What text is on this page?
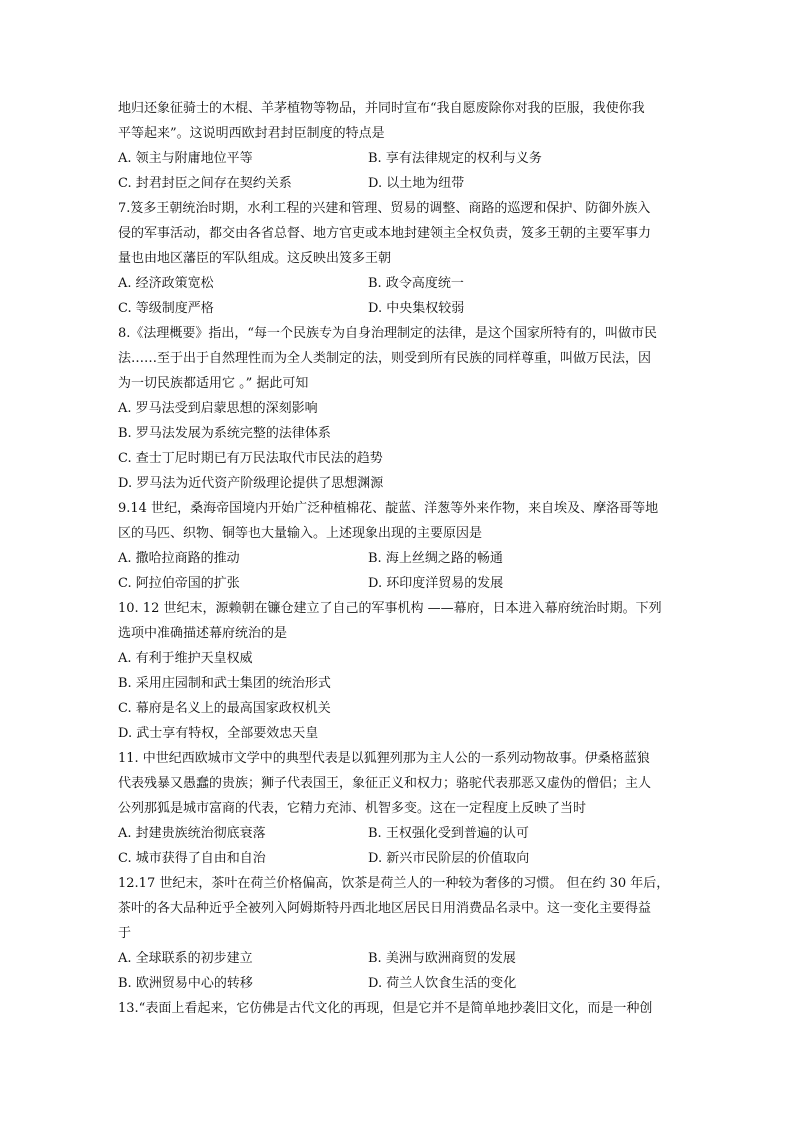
地归还象征骑士的木棍、羊茅植物等物品，并同时宣布“我自愿废除你对我的臣服，我使你我
平等起来”。这说明西欧封君封臣制度的特点是
A. 领主与附庸地位平等	B. 享有法律规定的权利与义务
C. 封君封臣之间存在契约关系	D. 以土地为纽带
7.笈多王朝统治时期，水利工程的兴建和管理、贸易的调整、商路的巡逻和保护、防御外族入
侵的军事活动，都交由各省总督、地方官吏或本地封建领主全权负责，笈多王朝的主要军事力
量也由地区藩臣的军队组成。这反映出笈多王朝
A. 经济政策宽松	B. 政令高度统一
C. 等级制度严格	D. 中央集权较弱
8.《法理概要》指出，“每一个民族专为自身治理制定的法律，是这个国家所特有的，叫做市民
法……至于出于自然理性而为全人类制定的法，则受到所有民族的同样尊重，叫做万民法，因
为一切民族都适用它 。” 据此可知
A. 罗马法受到启蒙思想的深刻影响
B. 罗马法发展为系统完整的法律体系
C. 查士丁尼时期已有万民法取代市民法的趋势
D. 罗马法为近代资产阶级理论提供了思想渊源
9.14 世纪，桑海帝国境内开始广泛种植棉花、靛蓝、洋葱等外来作物，来自埃及、摩洛哥等地
区的马匹、织物、铜等也大量输入。上述现象出现的主要原因是
A. 撒哈拉商路的推动	B. 海上丝绸之路的畅通
C. 阿拉伯帝国的扩张	D. 环印度洋贸易的发展
10. 12 世纪末，源赖朝在镰仓建立了自己的军事机构 ——幕府，日本进入幕府统治时期。下列
选项中准确描述幕府统治的是
A. 有利于维护天皇权威
B. 采用庄园制和武士集团的统治形式
C. 幕府是名义上的最高国家政权机关
D. 武士享有特权，全部要效忠天皇
11. 中世纪西欧城市文学中的典型代表是以狐狸列那为主人公的一系列动物故事。伊桑格蓝狼
代表残暴又愚蠢的贵族；狮子代表国王，象征正义和权力；骆驼代表那恶又虚伪的僧侣；主人
公列那狐是城市富商的代表，它精力充沛、机智多变。这在一定程度上反映了当时
A. 封建贵族统治彻底衰落	B. 王权强化受到普遍的认可
C. 城市获得了自由和自治	D. 新兴市民阶层的价值取向
12.17 世纪末，茶叶在荷兰价格偏高，饮茶是荷兰人的一种较为奢侈的习惯。 但在约 30 年后，
茶叶的各大品种近乎全被列入阿姆斯特丹西北地区居民日用消费品名录中。这一变化主要得益
于
A. 全球联系的初步建立	B. 美洲与欧洲商贸的发展
B. 欧洲贸易中心的转移	D. 荷兰人饮食生活的变化
13.“表面上看起来，它仿佛是古代文化的再现，但是它并不是简单地抄袭旧文化，而是一种创
